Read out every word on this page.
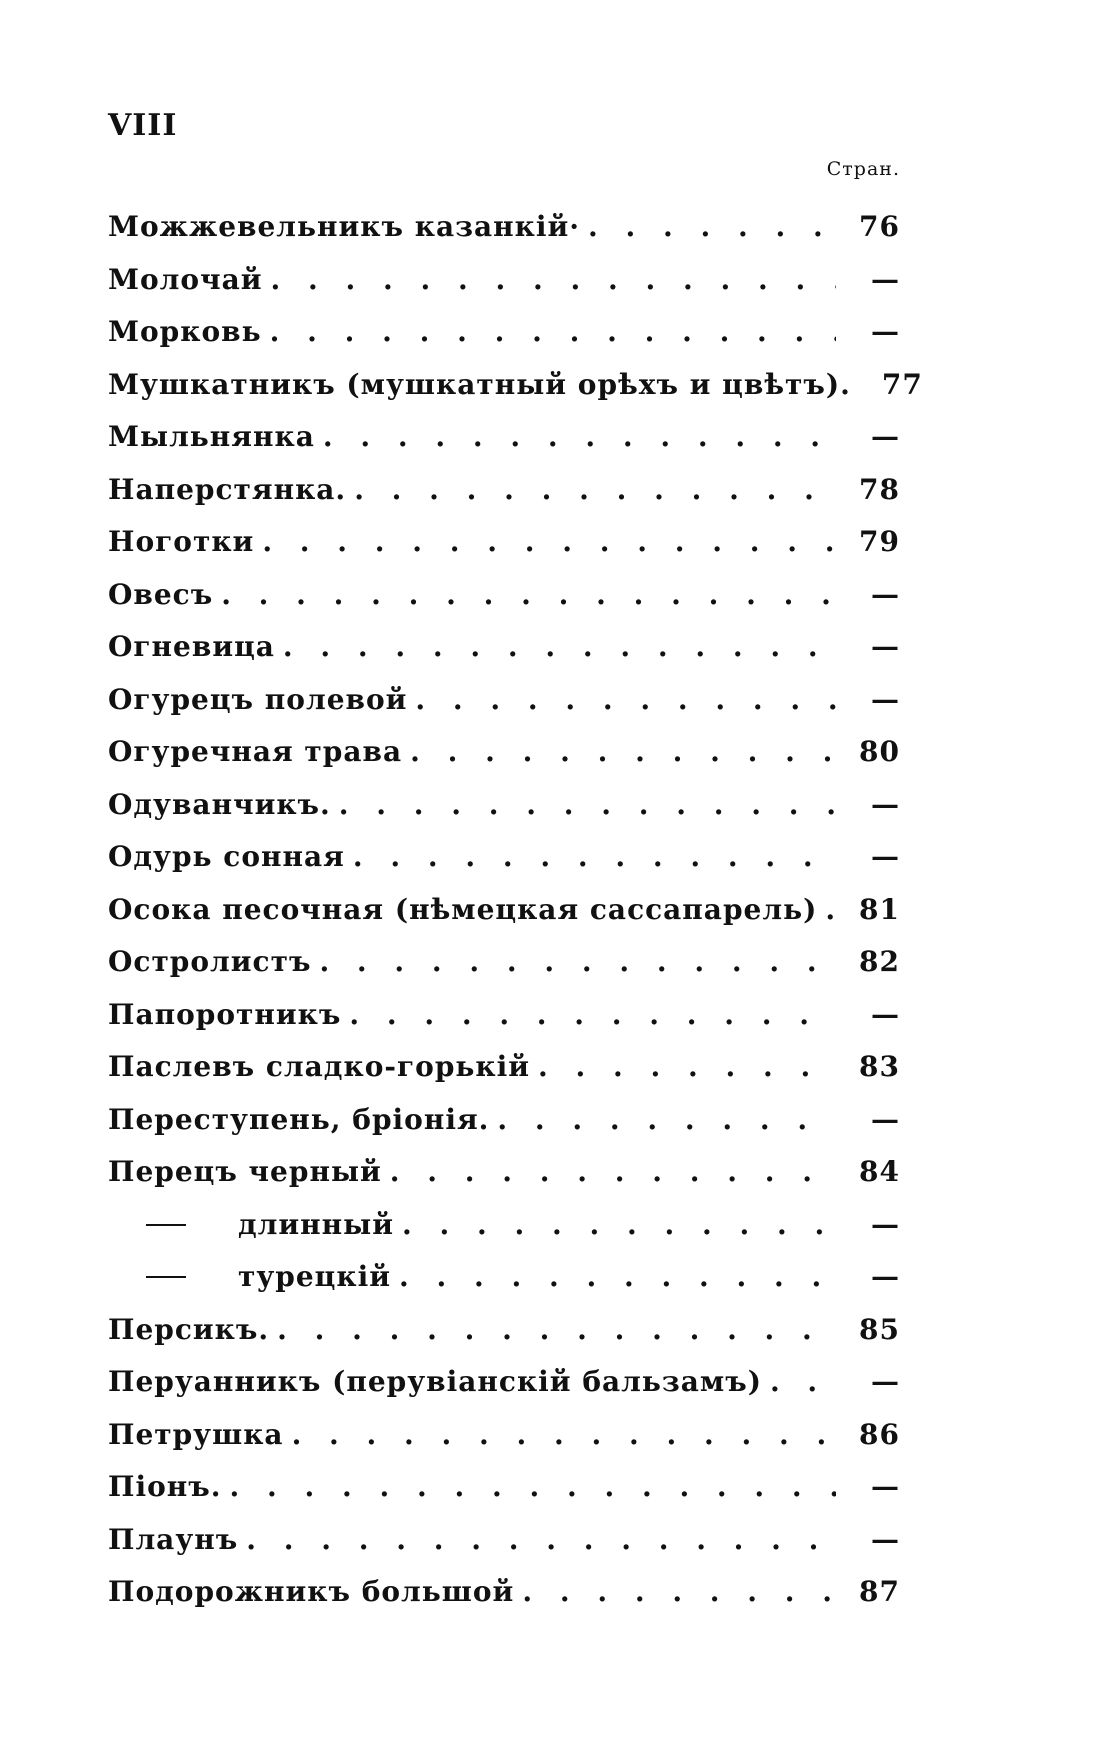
VIII
Стран.
Можжевельникъ казанкій· . . .	76
Молочай . . .	—
Морковь . . .	—
Мушкатникъ (мушкатный орѣхъ и цвѣтъ).	77
Мыльнянка . . .	—
Наперстянка. . . .	78
Ноготки . . .	79
Овесъ . . .	—
Огневица . . .	—
Огурецъ полевой . . .	—
Огуречная трава . . .	80
Одуванчикъ. . . .	—
Одурь сонная . . .	—
Осока песочная (нѣмецкая сассапарель) . . .	81
Остролистъ . . .	82
Папоротникъ . . .	—
Паслевъ сладко-горькій . . .	83
Переступень, бріонія. . . .	—
Перецъ черный . . .	84
длинный . . .	—
турецкій . . .	—
Персикъ. . . .	85
Перуанникъ (перувіанскій бальзамъ) . . .	—
Петрушка . . .	86
Піонъ. . . .	—
Плаунъ . . .	—
Подорожникъ большой . . .	87
